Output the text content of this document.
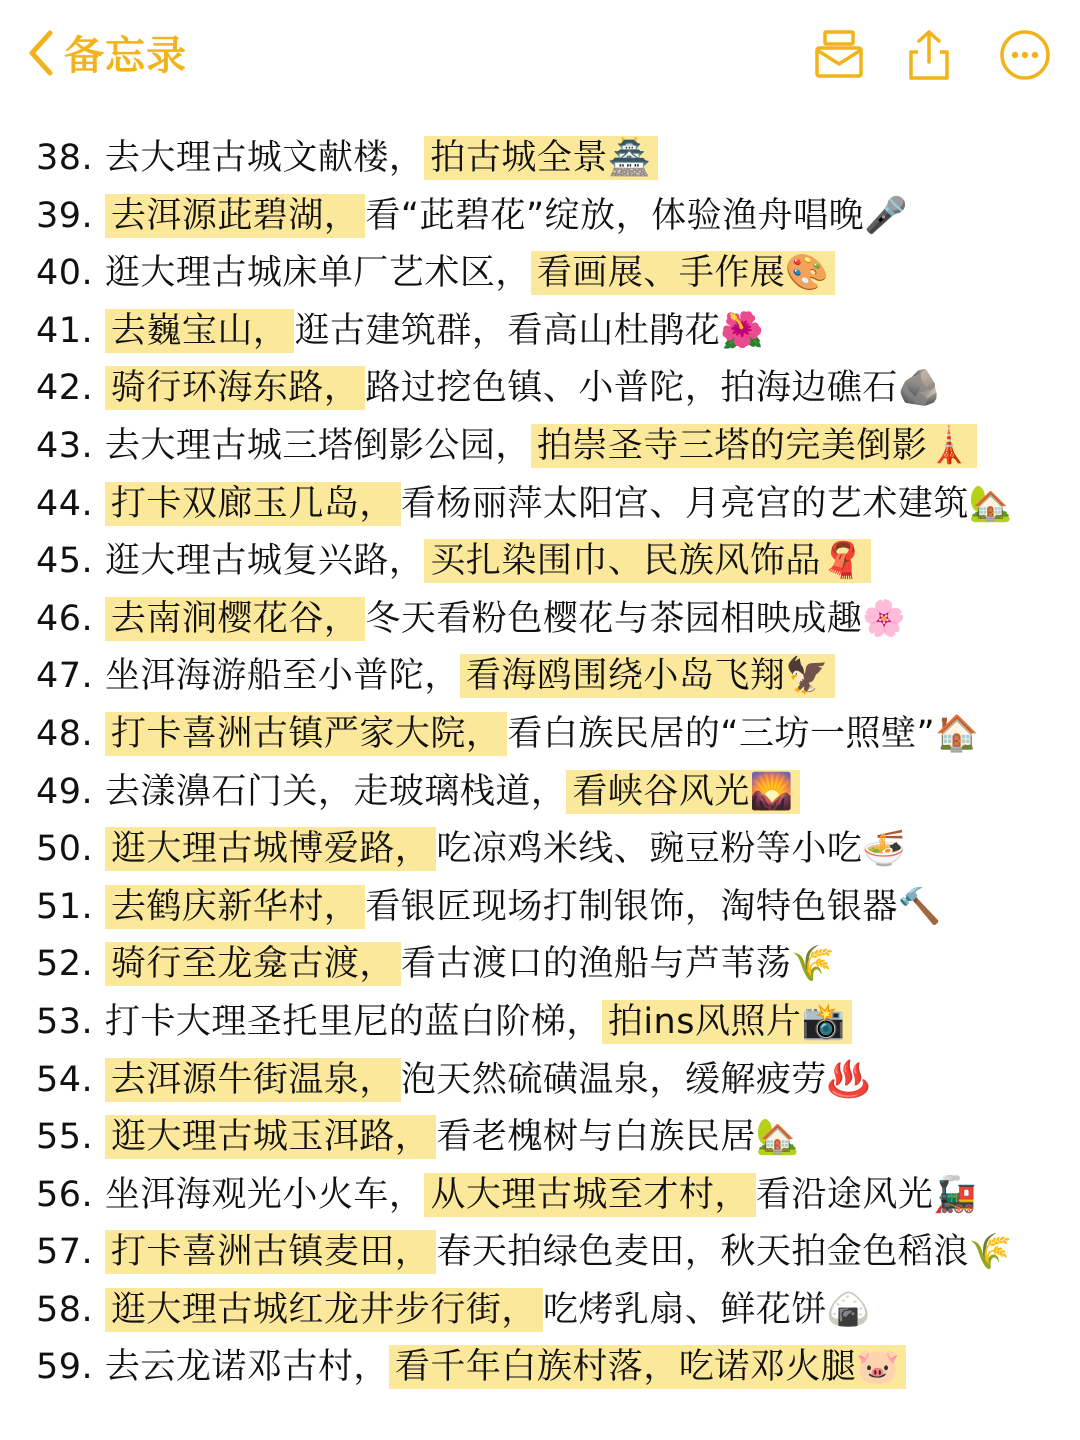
备忘录
38. 去大理古城文献楼， 拍古城全景🏯
39. 去洱源茈碧湖， 看“茈碧花”绽放，体验渔舟唱晚🎤
40. 逛大理古城床单厂艺术区， 看画展、手作展🎨
41. 去巍宝山， 逛古建筑群，看高山杜鹃花🌺
42. 骑行环海东路， 路过挖色镇、小普陀，拍海边礁石🪨
43. 去大理古城三塔倒影公园， 拍崇圣寺三塔的完美倒影🗼
44. 打卡双廊玉几岛， 看杨丽萍太阳宫、月亮宫的艺术建筑🏡
45. 逛大理古城复兴路， 买扎染围巾、民族风饰品🧣
46. 去南涧樱花谷， 冬天看粉色樱花与茶园相映成趣🌸
47. 坐洱海游船至小普陀， 看海鸥围绕小岛飞翔🦅
48. 打卡喜洲古镇严家大院， 看白族民居的“三坊一照壁”🏠
49. 去漾濞石门关，走玻璃栈道， 看峡谷风光🌄
50. 逛大理古城博爱路， 吃凉鸡米线、豌豆粉等小吃🍜
51. 去鹤庆新华村， 看银匠现场打制银饰，淘特色银器🔨
52. 骑行至龙龛古渡， 看古渡口的渔船与芦苇荡🌾
53. 打卡大理圣托里尼的蓝白阶梯， 拍ins风照片📸
54. 去洱源牛街温泉， 泡天然硫磺温泉，缓解疲劳♨️
55. 逛大理古城玉洱路， 看老槐树与白族民居🏡
56. 坐洱海观光小火车， 从大理古城至才村， 看沿途风光🚂
57. 打卡喜洲古镇麦田， 春天拍绿色麦田，秋天拍金色稻浪🌾
58. 逛大理古城红龙井步行街， 吃烤乳扇、鲜花饼🍙
59. 去云龙诺邓古村， 看千年白族村落，吃诺邓火腿🐷
